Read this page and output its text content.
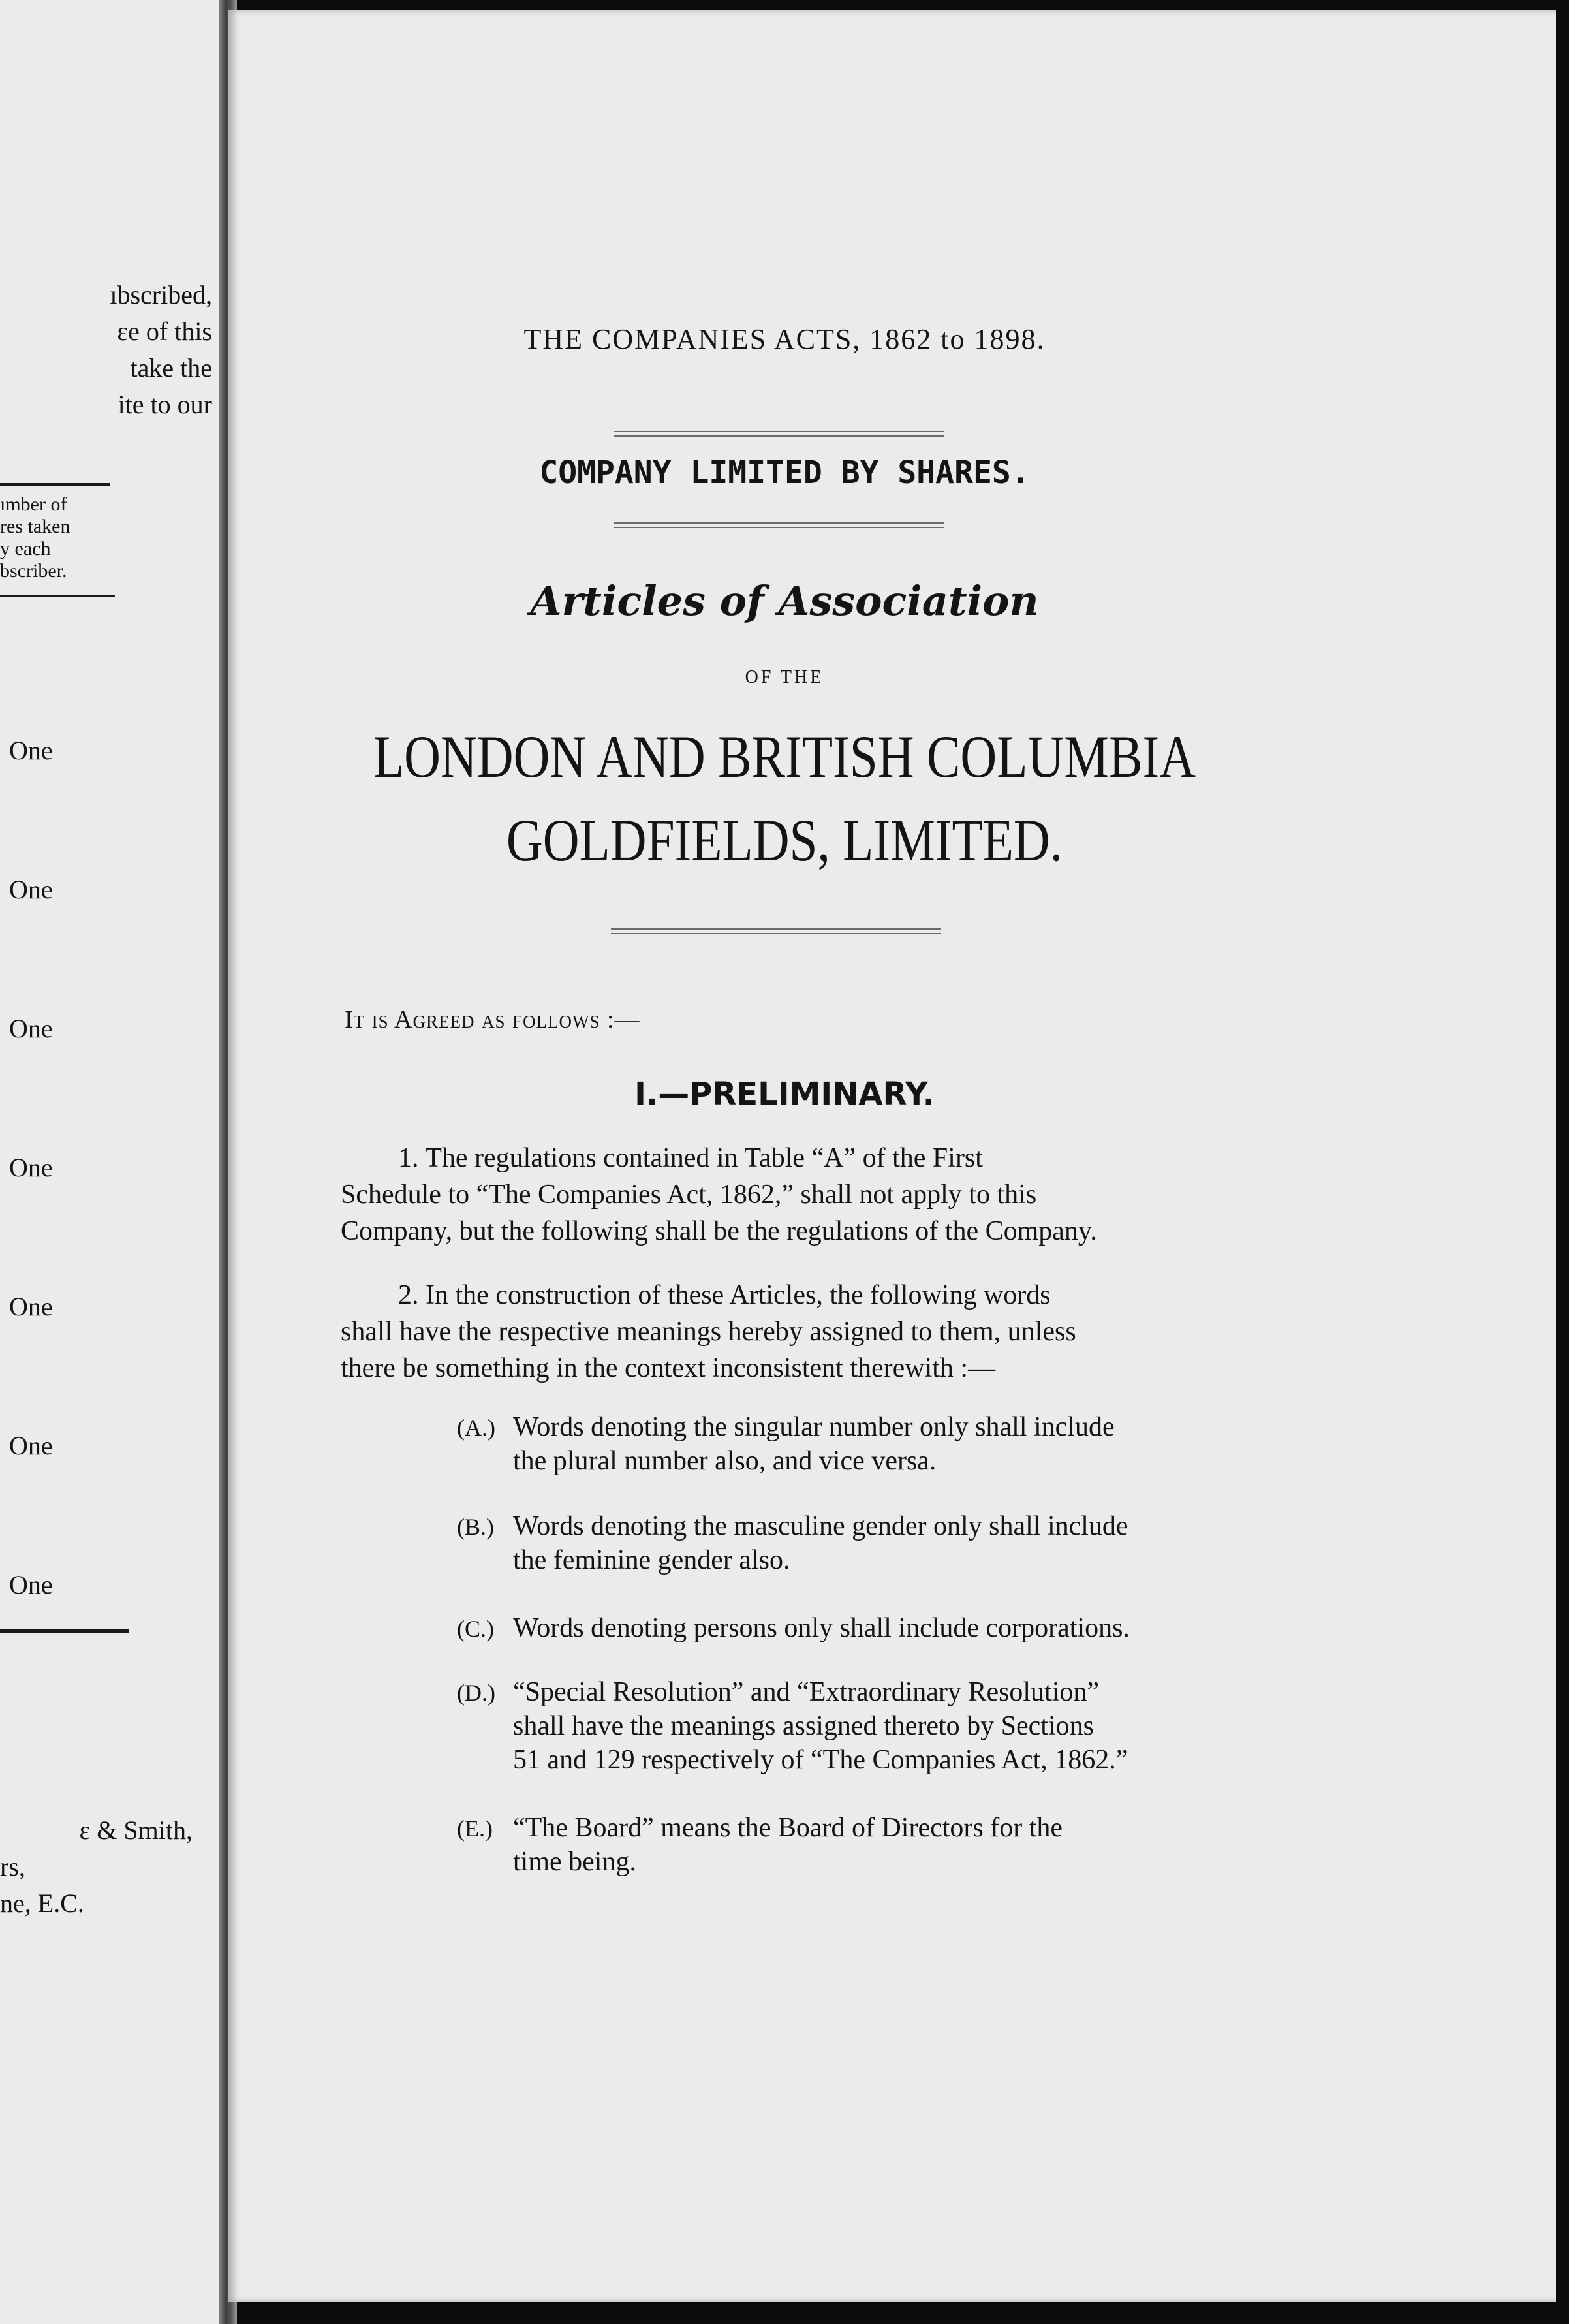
ıbscribed,
ɛe of this
take the
ite to our
ımber of
res taken
y each
bscriber.
One
One
One
One
One
One
One
ɛ & Smith,
rs,
ne, E.C.
THE COMPANIES ACTS, 1862 to 1898.
COMPANY LIMITED BY SHARES.
Articles of Association
OF THE
LONDON AND BRITISH COLUMBIA
GOLDFIELDS, LIMITED.
It is Agreed as follows :—
I.—PRELIMINARY.
1. The regulations contained in Table “A” of the First
Schedule to “The Companies Act, 1862,” shall not apply to this
Company, but the following shall be the regulations of the Company.
2. In the construction of these Articles, the following words
shall have the respective meanings hereby assigned to them, unless
there be something in the context inconsistent therewith :—
(A.) Words denoting the singular number only shall include
the plural number also, and vice versa.
(B.) Words denoting the masculine gender only shall include
the feminine gender also.
(C.) Words denoting persons only shall include corporations.
(D.) “Special Resolution” and “Extraordinary Resolution”
shall have the meanings assigned thereto by Sections
51 and 129 respectively of “The Companies Act, 1862.”
(E.) “The Board” means the Board of Directors for the
time being.
